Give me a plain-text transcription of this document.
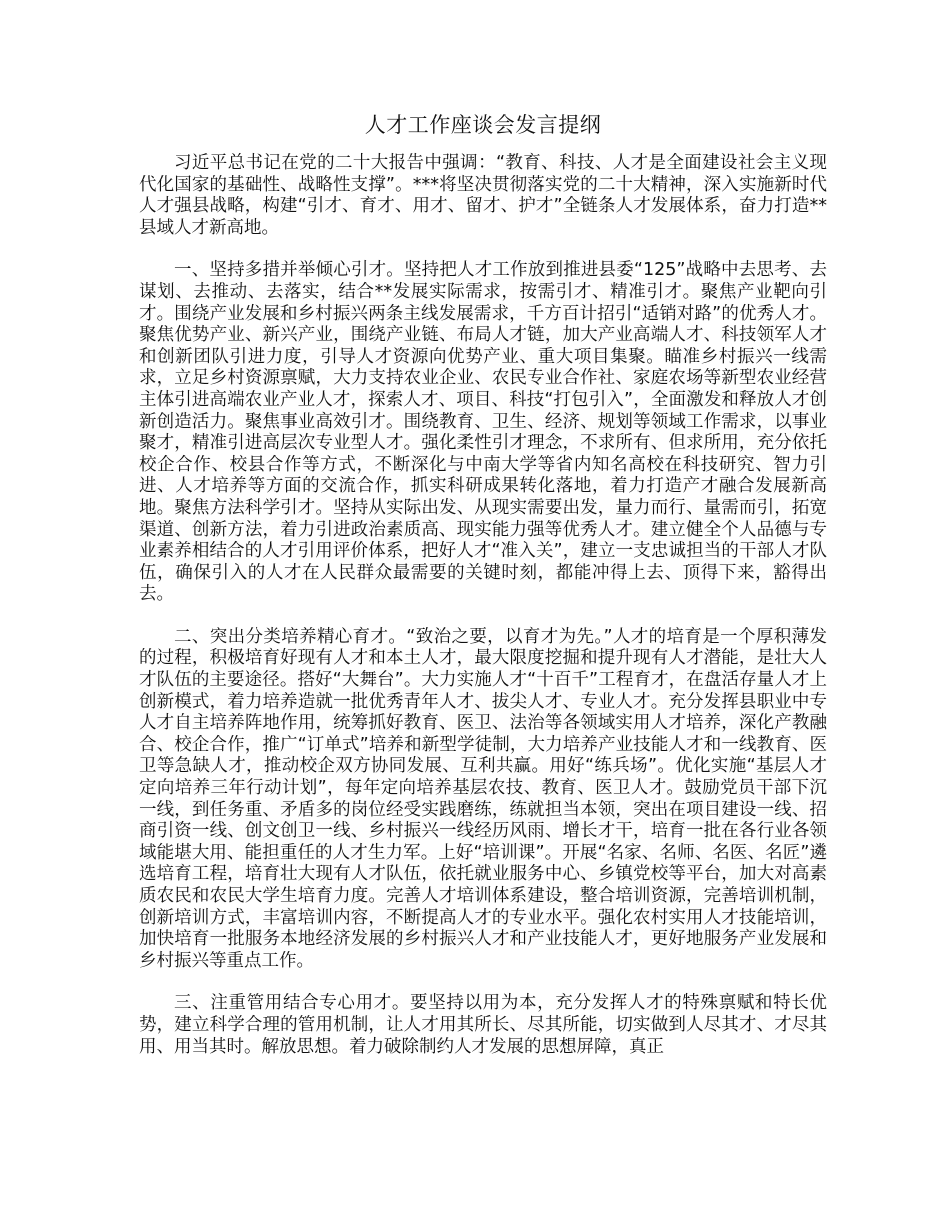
人才工作座谈会发言提纲

习近平总书记在党的二十大报告中强调：“教育、科技、人才是全面建设社会主义现代化国家的基础性、战略性支撑”。***将坚决贯彻落实党的二十大精神，深入实施新时代人才强县战略，构建“引才、育才、用才、留才、护才”全链条人才发展体系，奋力打造**县域人才新高地。

一、坚持多措并举倾心引才。坚持把人才工作放到推进县委“125”战略中去思考、去谋划、去推动、去落实，结合**发展实际需求，按需引才、精准引才。聚焦产业靶向引才。围绕产业发展和乡村振兴两条主线发展需求，千方百计招引“适销对路”的优秀人才。聚焦优势产业、新兴产业，围绕产业链、布局人才链，加大产业高端人才、科技领军人才和创新团队引进力度，引导人才资源向优势产业、重大项目集聚。瞄准乡村振兴一线需求，立足乡村资源禀赋，大力支持农业企业、农民专业合作社、家庭农场等新型农业经营主体引进高端农业产业人才，探索人才、项目、科技“打包引入”，全面激发和释放人才创新创造活力。聚焦事业高效引才。围绕教育、卫生、经济、规划等领域工作需求，以事业聚才，精准引进高层次专业型人才。强化柔性引才理念，不求所有、但求所用，充分依托校企合作、校县合作等方式，不断深化与中南大学等省内知名高校在科技研究、智力引进、人才培养等方面的交流合作，抓实科研成果转化落地，着力打造产才融合发展新高地。聚焦方法科学引才。坚持从实际出发、从现实需要出发，量力而行、量需而引，拓宽渠道、创新方法，着力引进政治素质高、现实能力强等优秀人才。建立健全个人品德与专业素养相结合的人才引用评价体系，把好人才“准入关”，建立一支忠诚担当的干部人才队伍，确保引入的人才在人民群众最需要的关键时刻，都能冲得上去、顶得下来，豁得出去。

二、突出分类培养精心育才。“致治之要，以育才为先。”人才的培育是一个厚积薄发的过程，积极培育好现有人才和本土人才，最大限度挖掘和提升现有人才潜能，是壮大人才队伍的主要途径。搭好“大舞台”。大力实施人才“十百千”工程育才，在盘活存量人才上创新模式，着力培养造就一批优秀青年人才、拔尖人才、专业人才。充分发挥县职业中专人才自主培养阵地作用，统筹抓好教育、医卫、法治等各领域实用人才培养，深化产教融合、校企合作，推广“订单式”培养和新型学徒制，大力培养产业技能人才和一线教育、医卫等急缺人才，推动校企双方协同发展、互利共赢。用好“练兵场”。优化实施“基层人才定向培养三年行动计划”，每年定向培养基层农技、教育、医卫人才。鼓励党员干部下沉一线，到任务重、矛盾多的岗位经受实践磨练，练就担当本领，突出在项目建设一线、招商引资一线、创文创卫一线、乡村振兴一线经历风雨、增长才干，培育一批在各行业各领域能堪大用、能担重任的人才生力军。上好“培训课”。开展“名家、名师、名医、名匠”遴选培育工程，培育壮大现有人才队伍，依托就业服务中心、乡镇党校等平台，加大对高素质农民和农民大学生培育力度。完善人才培训体系建设，整合培训资源，完善培训机制，创新培训方式，丰富培训内容，不断提高人才的专业水平。强化农村实用人才技能培训，加快培育一批服务本地经济发展的乡村振兴人才和产业技能人才，更好地服务产业发展和乡村振兴等重点工作。

三、注重管用结合专心用才。要坚持以用为本，充分发挥人才的特殊禀赋和特长优势，建立科学合理的管用机制，让人才用其所长、尽其所能，切实做到人尽其才、才尽其用、用当其时。解放思想。着力破除制约人才发展的思想屏障，真正
